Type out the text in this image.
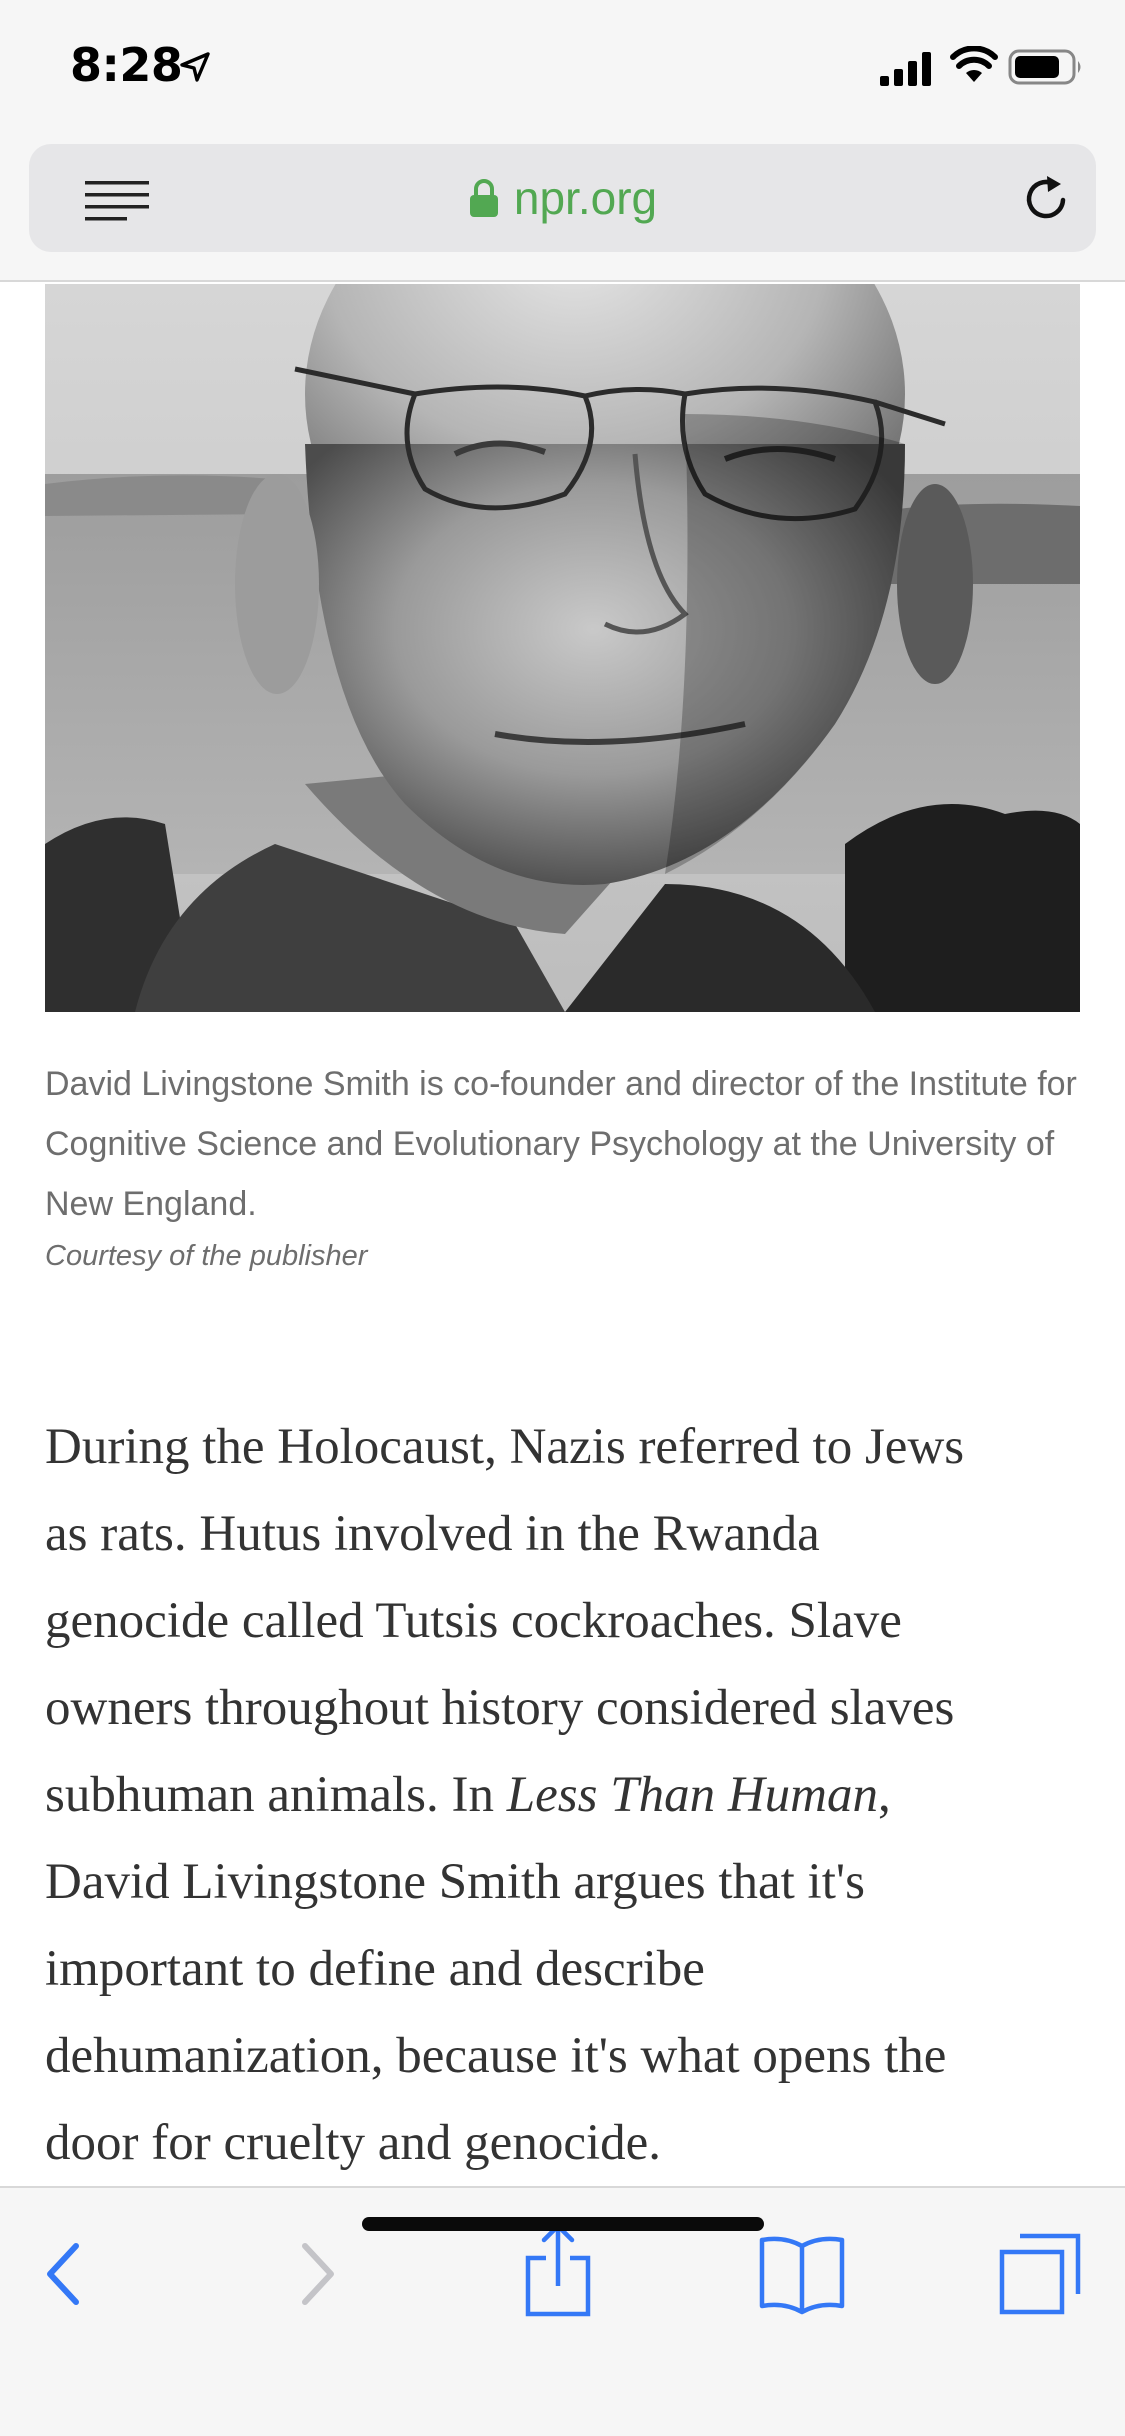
8:28
npr.org
David Livingstone Smith is co-founder and director of the Institute for Cognitive Science and Evolutionary Psychology at the University of New England.
Courtesy of the publisher
During the Holocaust, Nazis referred to Jews
as rats. Hutus involved in the Rwanda
genocide called Tutsis cockroaches. Slave
owners throughout history considered slaves
subhuman animals. In Less Than Human,
David Livingstone Smith argues that it's
important to define and describe
dehumanization, because it's what opens the
door for cruelty and genocide.
